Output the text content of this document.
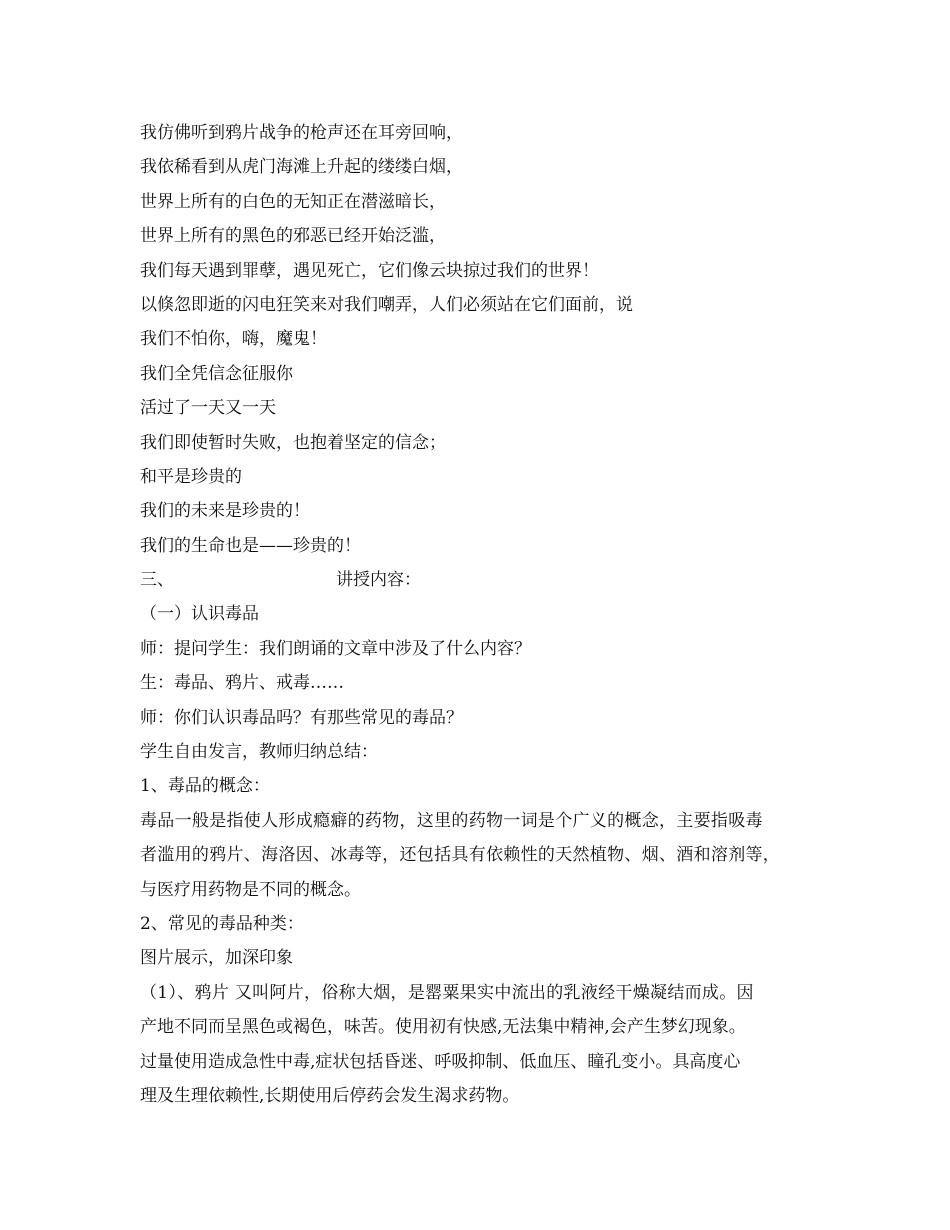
我仿佛听到鸦片战争的枪声还在耳旁回响，
我依稀看到从虎门海滩上升起的缕缕白烟，
世界上所有的白色的无知正在潜滋暗长，
世界上所有的黑色的邪恶已经开始泛滥，
我们每天遇到罪孽，遇见死亡，它们像云块掠过我们的世界！
以倏忽即逝的闪电狂笑来对我们嘲弄，人们必须站在它们面前，说
我们不怕你，嗨，魔鬼！
我们全凭信念征服你
活过了一天又一天
我们即使暂时失败，也抱着坚定的信念；
和平是珍贵的
我们的未来是珍贵的！
我们的生命也是——珍贵的！
三、	讲授内容：
（一）认识毒品
师：提问学生：我们朗诵的文章中涉及了什么内容？
生：毒品、鸦片、戒毒……
师：你们认识毒品吗？有那些常见的毒品？
学生自由发言，教师归纳总结：
1、毒品的概念：
毒品一般是指使人形成瘾癖的药物，这里的药物一词是个广义的概念，主要指吸毒
者滥用的鸦片、海洛因、冰毒等，还包括具有依赖性的天然植物、烟、酒和溶剂等，
与医疗用药物是不同的概念。
2、常见的毒品种类：
图片展示，加深印象
（1）、鸦片 又叫阿片，俗称大烟，是罂粟果实中流出的乳液经干燥凝结而成。因
产地不同而呈黑色或褐色，味苦。使用初有快感,无法集中精神,会产生梦幻现象。
过量使用造成急性中毒,症状包括昏迷、呼吸抑制、低血压、瞳孔变小。具高度心
理及生理依赖性,长期使用后停药会发生渴求药物。
